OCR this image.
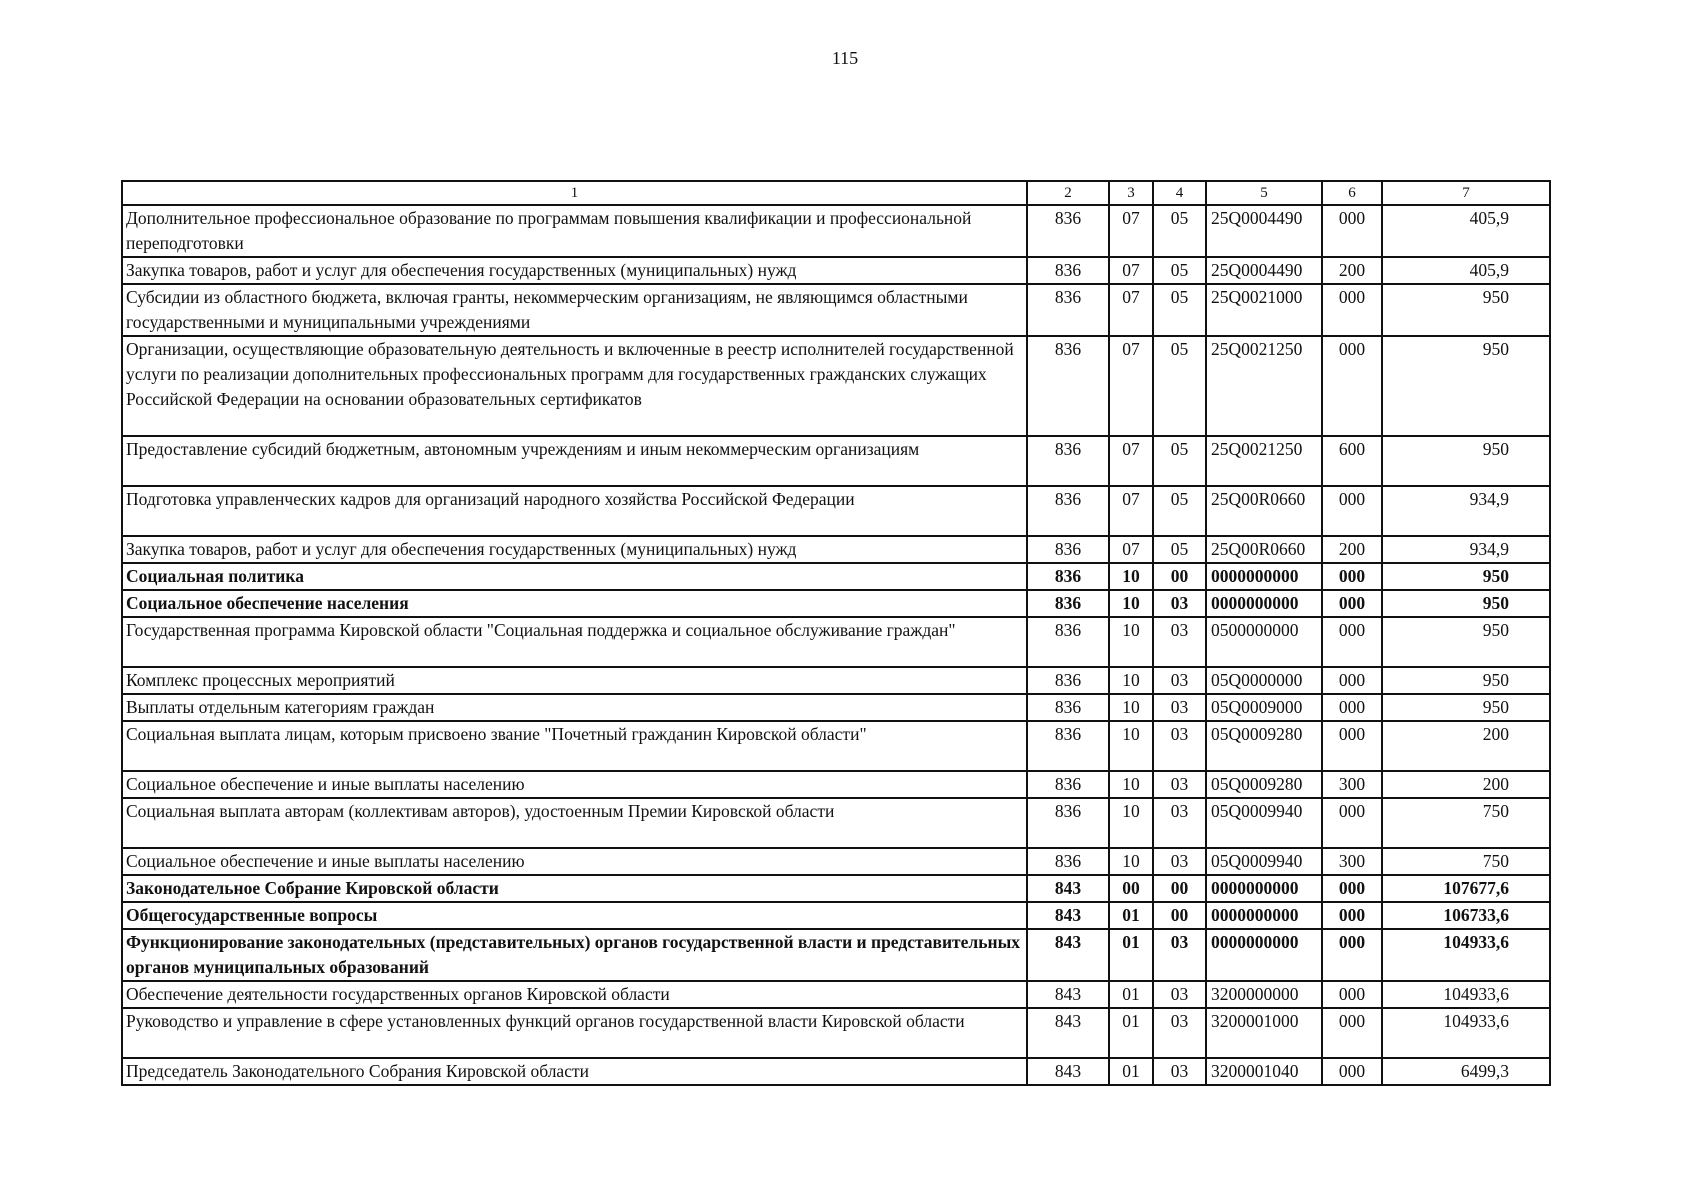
115
1	2	3	4	5	6	7
Дополнительное профессиональное образование по программам повышения квалификации и профессиональной переподготовки	836	07	05	25Q0004490	000	405,9
Закупка товаров, работ и услуг для обеспечения государственных (муниципальных) нужд	836	07	05	25Q0004490	200	405,9
Субсидии из областного бюджета, включая гранты, некоммерческим организациям, не являющимся областными государственными и муниципальными учреждениями	836	07	05	25Q0021000	000	950
Организации, осуществляющие образовательную деятельность и включенные в реестр исполнителей государственной услуги по реализации дополнительных профессиональных программ для государственных гражданских служащих Российской Федерации на основании образовательных сертификатов	836	07	05	25Q0021250	000	950
Предоставление субсидий бюджетным, автономным учреждениям и иным некоммерческим организациям	836	07	05	25Q0021250	600	950
Подготовка управленческих кадров для организаций народного хозяйства Российской Федерации	836	07	05	25Q00R0660	000	934,9
Закупка товаров, работ и услуг для обеспечения государственных (муниципальных) нужд	836	07	05	25Q00R0660	200	934,9
Социальная политика	836	10	00	0000000000	000	950
Социальное обеспечение населения	836	10	03	0000000000	000	950
Государственная программа Кировской области "Социальная поддержка и социальное обслуживание граждан"	836	10	03	0500000000	000	950
Комплекс процессных мероприятий	836	10	03	05Q0000000	000	950
Выплаты отдельным категориям граждан	836	10	03	05Q0009000	000	950
Социальная выплата лицам, которым присвоено звание "Почетный гражданин Кировской области"	836	10	03	05Q0009280	000	200
Социальное обеспечение и иные выплаты населению	836	10	03	05Q0009280	300	200
Социальная выплата авторам (коллективам авторов), удостоенным Премии Кировской области	836	10	03	05Q0009940	000	750
Социальное обеспечение и иные выплаты населению	836	10	03	05Q0009940	300	750
Законодательное Собрание Кировской области	843	00	00	0000000000	000	107677,6
Общегосударственные вопросы	843	01	00	0000000000	000	106733,6
Функционирование законодательных (представительных) органов государственной власти и представительных органов муниципальных образований	843	01	03	0000000000	000	104933,6
Обеспечение деятельности государственных органов Кировской области	843	01	03	3200000000	000	104933,6
Руководство и управление в сфере установленных функций органов государственной власти Кировской области	843	01	03	3200001000	000	104933,6
Председатель Законодательного Собрания Кировской области	843	01	03	3200001040	000	6499,3
